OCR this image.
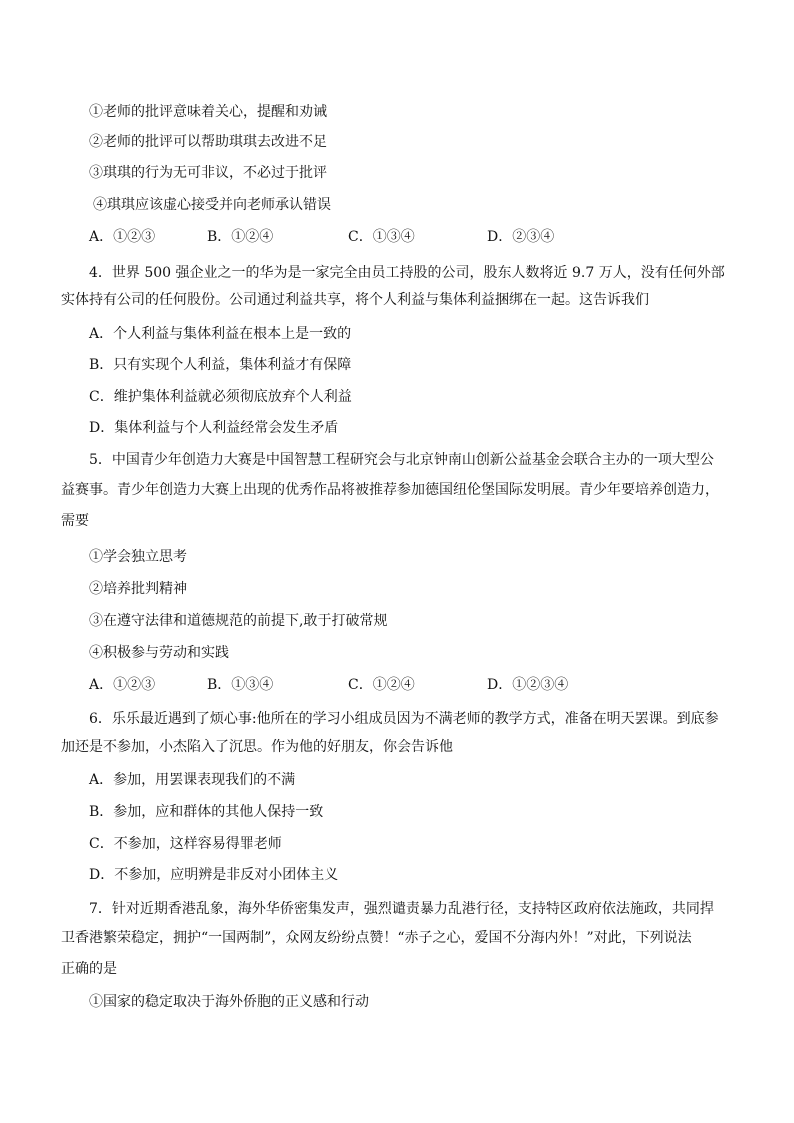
①老师的批评意味着关心，提醒和劝诫
②老师的批评可以帮助琪琪去改进不足
③琪琪的行为无可非议，不必过于批评
④琪琪应该虚心接受并向老师承认错误
A．①②③	B．①②④	C．①③④	D．②③④
4．世界 500 强企业之一的华为是一家完全由员工持股的公司，股东人数将近 9.7 万人，没有任何外部
实体持有公司的任何股份。公司通过利益共享，将个人利益与集体利益捆绑在一起。这告诉我们
A．个人利益与集体利益在根本上是一致的
B．只有实现个人利益，集体利益才有保障
C．维护集体利益就必须彻底放弃个人利益
D．集体利益与个人利益经常会发生矛盾
5．中国青少年创造力大赛是中国智慧工程研究会与北京钟南山创新公益基金会联合主办的一项大型公
益赛事。青少年创造力大赛上出现的优秀作品将被推荐参加德国纽伦堡国际发明展。青少年要培养创造力，
需要
①学会独立思考
②培养批判精神
③在遵守法律和道德规范的前提下,敢于打破常规
④积极参与劳动和实践
A．①②③	B．①③④	C．①②④	D．①②③④
6．乐乐最近遇到了烦心事:他所在的学习小组成员因为不满老师的教学方式，准备在明天罢课。到底参
加还是不参加，小杰陷入了沉思。作为他的好朋友，你会告诉他
A．参加，用罢课表现我们的不满
B．参加，应和群体的其他人保持一致
C．不参加，这样容易得罪老师
D．不参加，应明辨是非反对小团体主义
7．针对近期香港乱象，海外华侨密集发声，强烈谴责暴力乱港行径，支持特区政府依法施政，共同捍
卫香港繁荣稳定，拥护“一国两制”，众网友纷纷点赞！“赤子之心，爱国不分海内外！”对此，下列说法
正确的是
①国家的稳定取决于海外侨胞的正义感和行动
